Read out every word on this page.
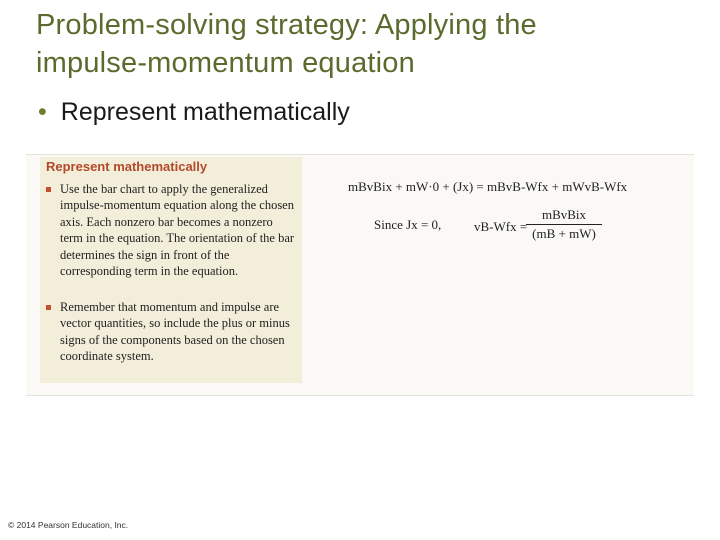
Problem-solving strategy: Applying the
impulse-momentum equation
• Represent mathematically
Represent mathematically
Use the bar chart to apply the generalized impulse-momentum equation along the chosen axis. Each nonzero bar becomes a nonzero term in the equation. The orientation of the bar determines the sign in front of the corresponding term in the equation.
Remember that momentum and impulse are vector quantities, so include the plus or minus signs of the components based on the chosen coordinate system.
mBvBix + mW·0 + (Jx) = mBvB-Wfx + mWvB-Wfx
Since Jx = 0,	vB-Wfx =
mBvBix
(mB + mW)
© 2014 Pearson Education, Inc.
